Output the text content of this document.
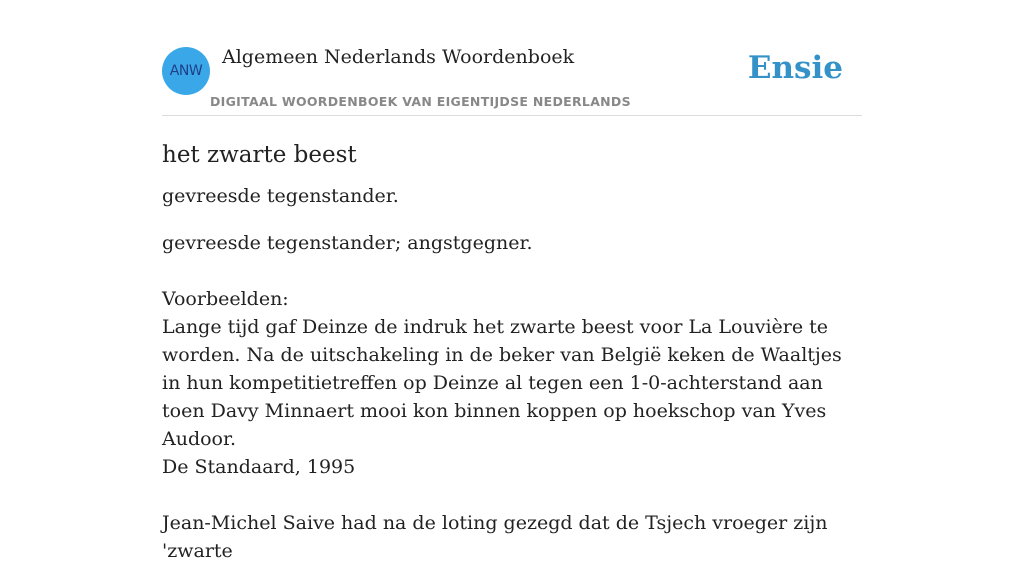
ANW
Algemeen Nederlands Woordenboek
DIGITAAL WOORDENBOEK VAN EIGENTIJDSE NEDERLANDS
Ensie
het zwarte beest
gevreesde tegenstander.
gevreesde tegenstander; angstgegner.
Voorbeelden:
Lange tijd gaf Deinze de indruk het zwarte beest voor La Louvière te worden. Na de uitschakeling in de beker van België keken de Waaltjes in hun kompetitietreffen op Deinze al tegen een 1-0-achterstand aan toen Davy Minnaert mooi kon binnen koppen op hoekschop van Yves Audoor.
De Standaard, 1995
Jean-Michel Saive had na de loting gezegd dat de Tsjech vroeger zijn 'zwarte
